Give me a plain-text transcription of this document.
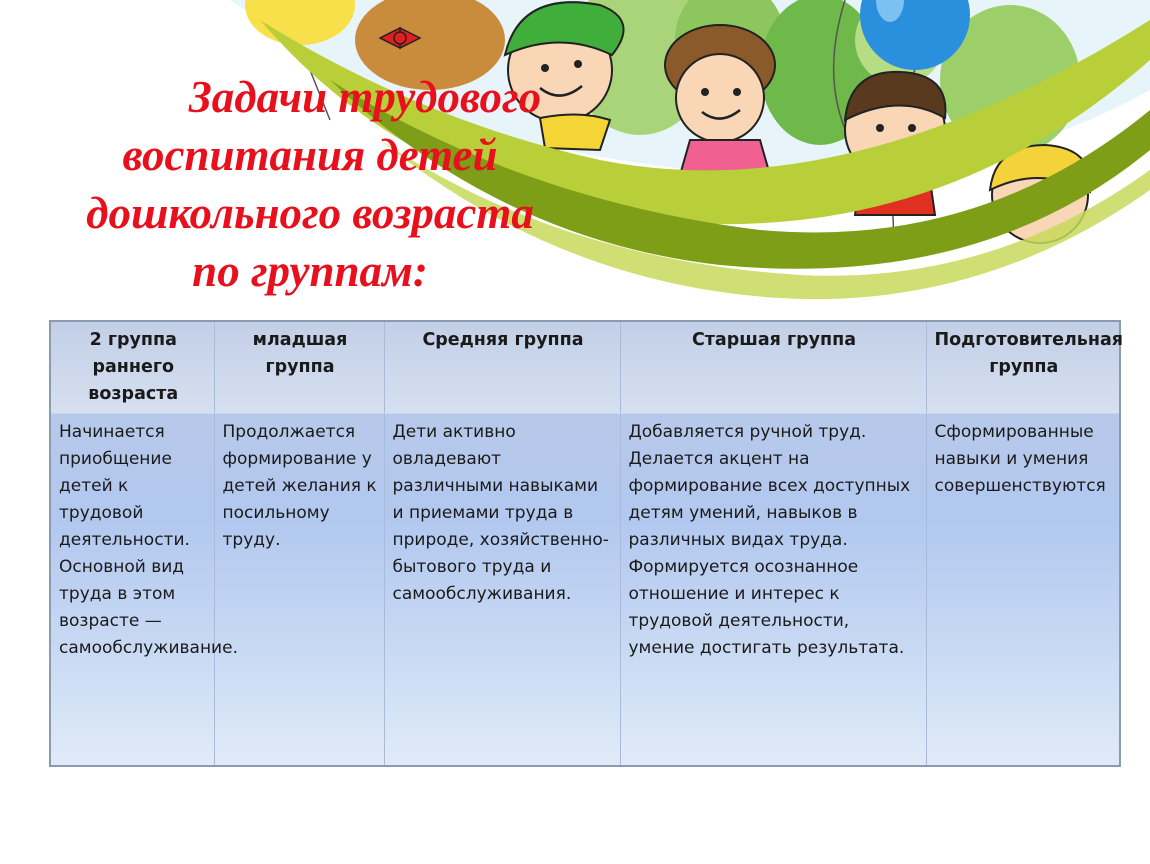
Задачи трудового
воспитания детей
дошкольного возраста
по группам:
2 группа раннего возраста	младшая группа	Средняя группа	Старшая группа	Подготовительная группа
Начинается приобщение детей к трудовой деятельности. Основной вид труда в этом возрасте — самообслуживание.	Продолжается формирование у детей желания к посильному труду.	Дети активно овладевают различными навыками и приемами труда в природе, хозяйственно-бытового труда и самообслуживания.	Добавляется ручной труд. Делается акцент на формирование всех доступных детям умений, навыков в различных видах труда. Формируется осознанное отношение и интерес к трудовой деятельности, умение достигать результата.	Сформированные навыки и умения совершенствуются
